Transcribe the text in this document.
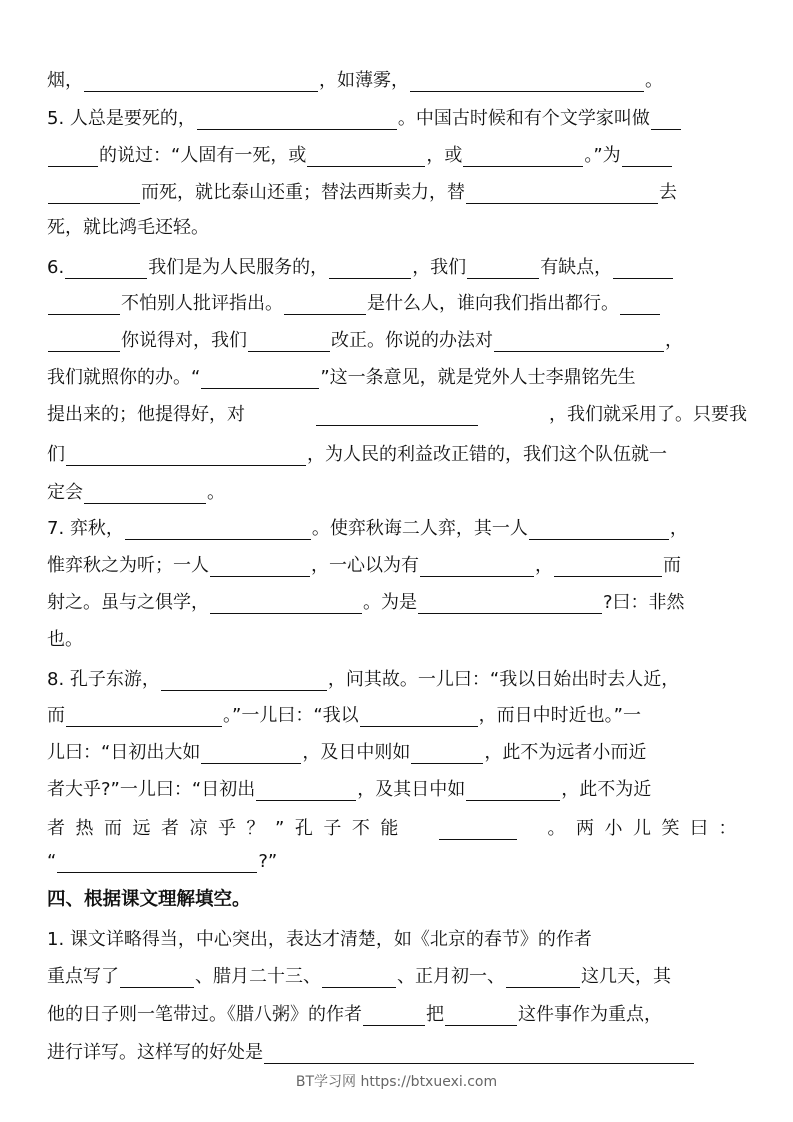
烟，	，如薄雾，	。
5. 人总是要死的，	。中国古时候和有个文学家叫做
的说过：“人固有一死，或	，或	。”为
而死，就比泰山还重；替法西斯卖力，替	去
死，就比鸿毛还轻。
6.	我们是为人民服务的，	，我们	有缺点，
不怕别人批评指出。	是什么人，谁向我们指出都行。
你说得对，我们	改正。你说的办法对	，
我们就照你的办。“	”这一条意见，就是党外人士李鼎铭先生
提出来的；他提得好，对	，我们就采用了。只要我
们	，为人民的利益改正错的，我们这个队伍就一
定会	。
7. 弈秋，	。使弈秋诲二人弈，其一人	，
惟弈秋之为听；一人	，一心以为有	，	而
射之。虽与之俱学，	。为是	?曰：非然
也。
8. 孔子东游，	，问其故。一儿曰：“我以日始出时去人近，
而	。”一儿曰：“我以	，而日中时近也。”一
儿曰：“日初出大如	，及日中则如	，此不为远者小而近
者大乎?”一儿曰：“日初出	，及其日中如	，此不为近
者热而远者凉乎？”孔子不能	。两小儿笑曰：
“	?”
四、根据课文理解填空。
1. 课文详略得当，中心突出，表达才清楚，如《北京的春节》的作者
重点写了	、腊月二十三、	、正月初一、	这几天，其
他的日子则一笔带过。《腊八粥》的作者	把	这件事作为重点，
进行详写。这样写的好处是
BT学习网 https://btxuexi.com
